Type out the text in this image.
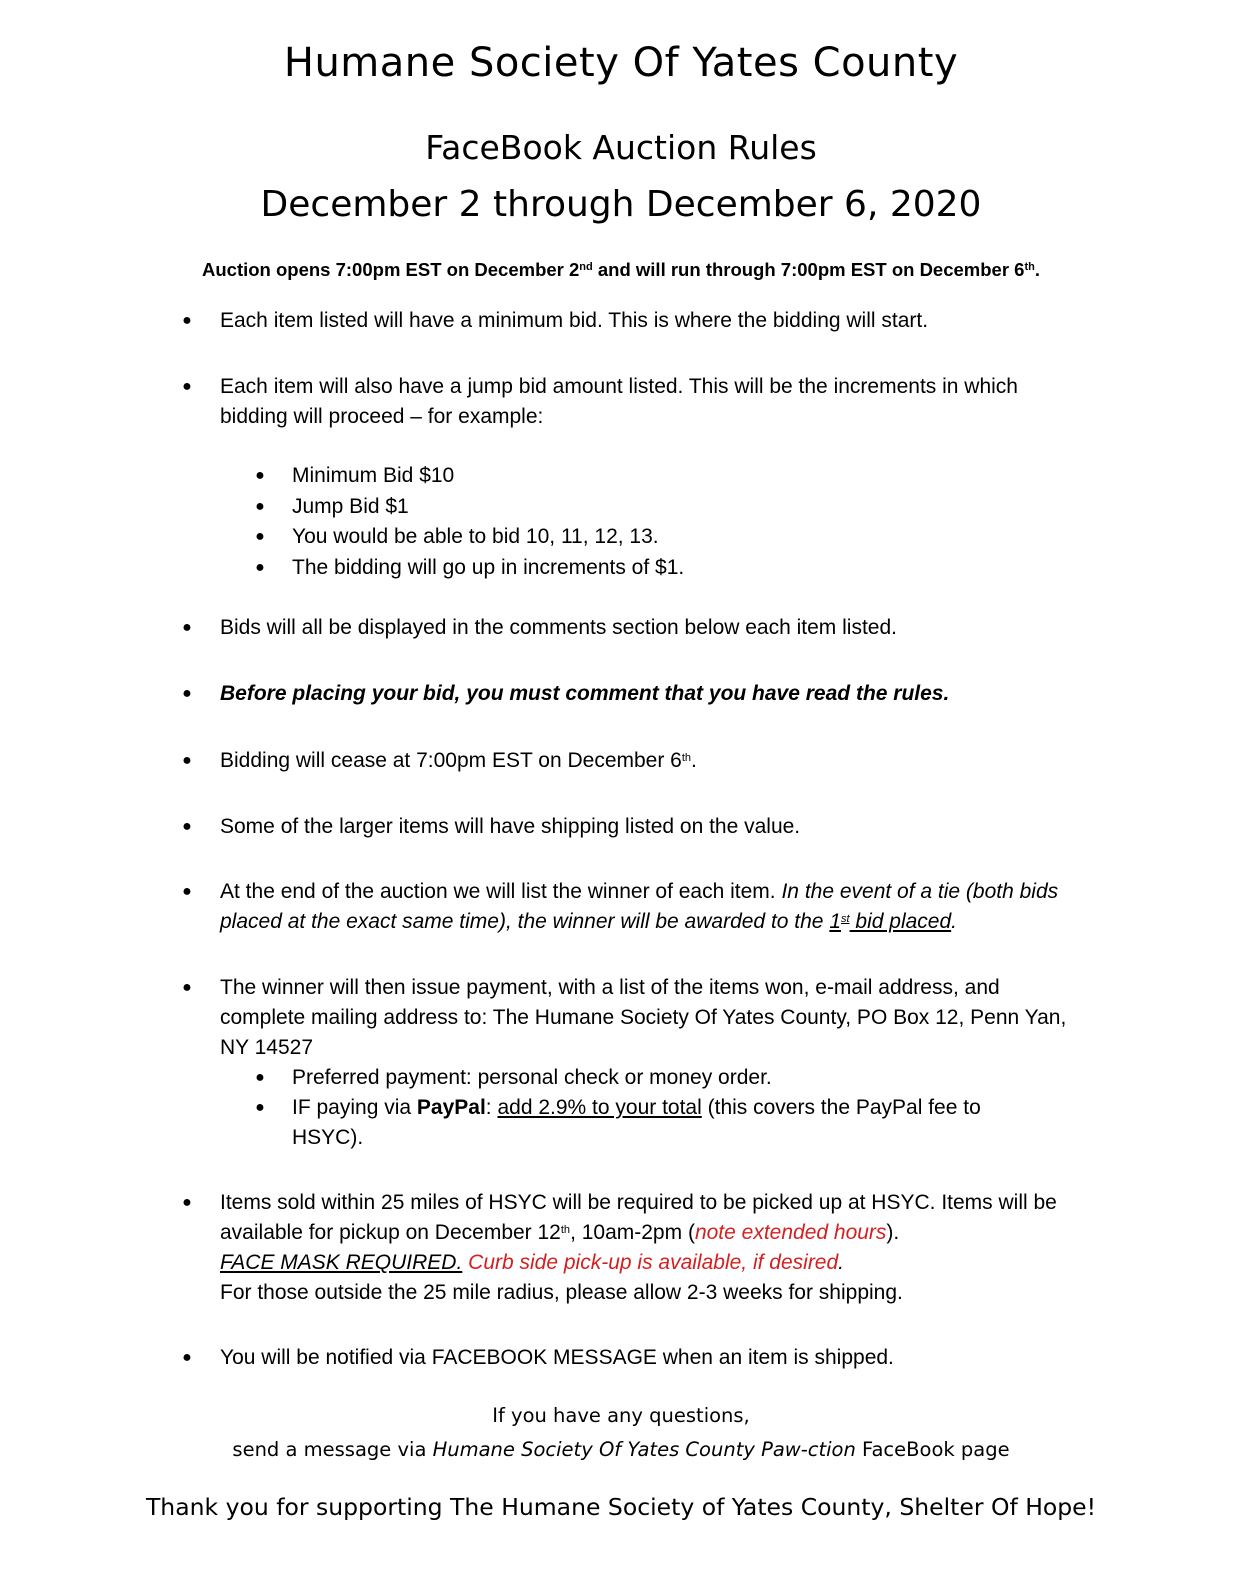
Humane Society Of Yates County
FaceBook Auction Rules
December 2 through December 6, 2020
Auction opens 7:00pm EST on December 2nd and will run through 7:00pm EST on December 6th.
● Each item listed will have a minimum bid. This is where the bidding will start.
● Each item will also have a jump bid amount listed. This will be the increments in which bidding will proceed – for example:
● Minimum Bid $10
● Jump Bid $1
● You would be able to bid 10, 11, 12, 13.
● The bidding will go up in increments of $1.
● Bids will all be displayed in the comments section below each item listed.
● Before placing your bid, you must comment that you have read the rules.
● Bidding will cease at 7:00pm EST on December 6th.
● Some of the larger items will have shipping listed on the value.
● At the end of the auction we will list the winner of each item. In the event of a tie (both bids placed at the exact same time), the winner will be awarded to the 1st bid placed.
● The winner will then issue payment, with a list of the items won, e-mail address, and complete mailing address to: The Humane Society Of Yates County, PO Box 12, Penn Yan, NY 14527
● Preferred payment: personal check or money order.
● IF paying via PayPal: add 2.9% to your total (this covers the PayPal fee to HSYC).
● Items sold within 25 miles of HSYC will be required to be picked up at HSYC. Items will be available for pickup on December 12th, 10am-2pm (note extended hours).
FACE MASK REQUIRED. Curb side pick-up is available, if desired.
For those outside the 25 mile radius, please allow 2-3 weeks for shipping.
● You will be notified via FACEBOOK MESSAGE when an item is shipped.
If you have any questions,
send a message via Humane Society Of Yates County Paw-ction FaceBook page
Thank you for supporting The Humane Society of Yates County, Shelter Of Hope!
